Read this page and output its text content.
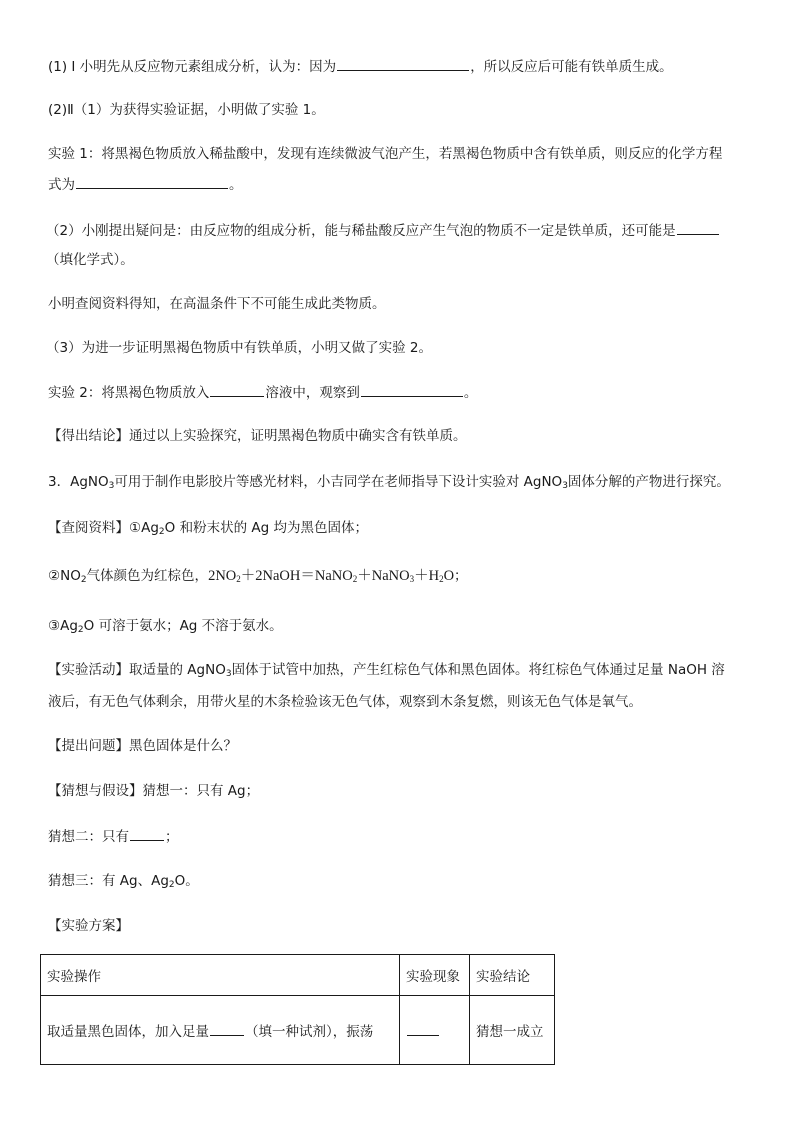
(1) I 小明先从反应物元素组成分析，认为：因为	，所以反应后可能有铁单质生成。
(2)Ⅱ（1）为获得实验证据，小明做了实验 1。
实验 1：将黑褐色物质放入稀盐酸中，发现有连续微波气泡产生，若黑褐色物质中含有铁单质，则反应的化学方程
式为	。
（2）小刚提出疑问是：由反应物的组成分析，能与稀盐酸反应产生气泡的物质不一定是铁单质，还可能是
（填化学式）。
小明查阅资料得知，在高温条件下不可能生成此类物质。
（3）为进一步证明黑褐色物质中有铁单质，小明又做了实验 2。
实验 2：将黑褐色物质放入	溶液中，观察到	。
【得出结论】通过以上实验探究，证明黑褐色物质中确实含有铁单质。
3．AgNO$_3$可用于制作电影胶片等感光材料，小吉同学在老师指导下设计实验对 AgNO$_3$固体分解的产物进行探究。
【查阅资料】$①Ag_2O$ 和粉末状的 Ag 均为黑色固体；
$②NO_2$气体颜色为红棕色，$2NO_2+2NaOH=NaNO_2+NaNO_3+H_2O$；
$③Ag_2O$ 可溶于氨水；Ag 不溶于氨水。
【实验活动】取适量的 AgNO$_3$固体于试管中加热，产生红棕色气体和黑色固体。将红棕色气体通过足量 NaOH 溶
液后，有无色气体剩余，用带火星的木条检验该无色气体，观察到木条复燃，则该无色气体是氧气。
【提出问题】黑色固体是什么？
【猜想与假设】猜想一：只有 Ag；
猜想二：只有	；
猜想三：有 Ag、$Ag_2O$。
【实验方案】
实验操作	实验现象	实验结论
取适量黑色固体，加入足量 （填一种试剂），振荡		猜想一成立
